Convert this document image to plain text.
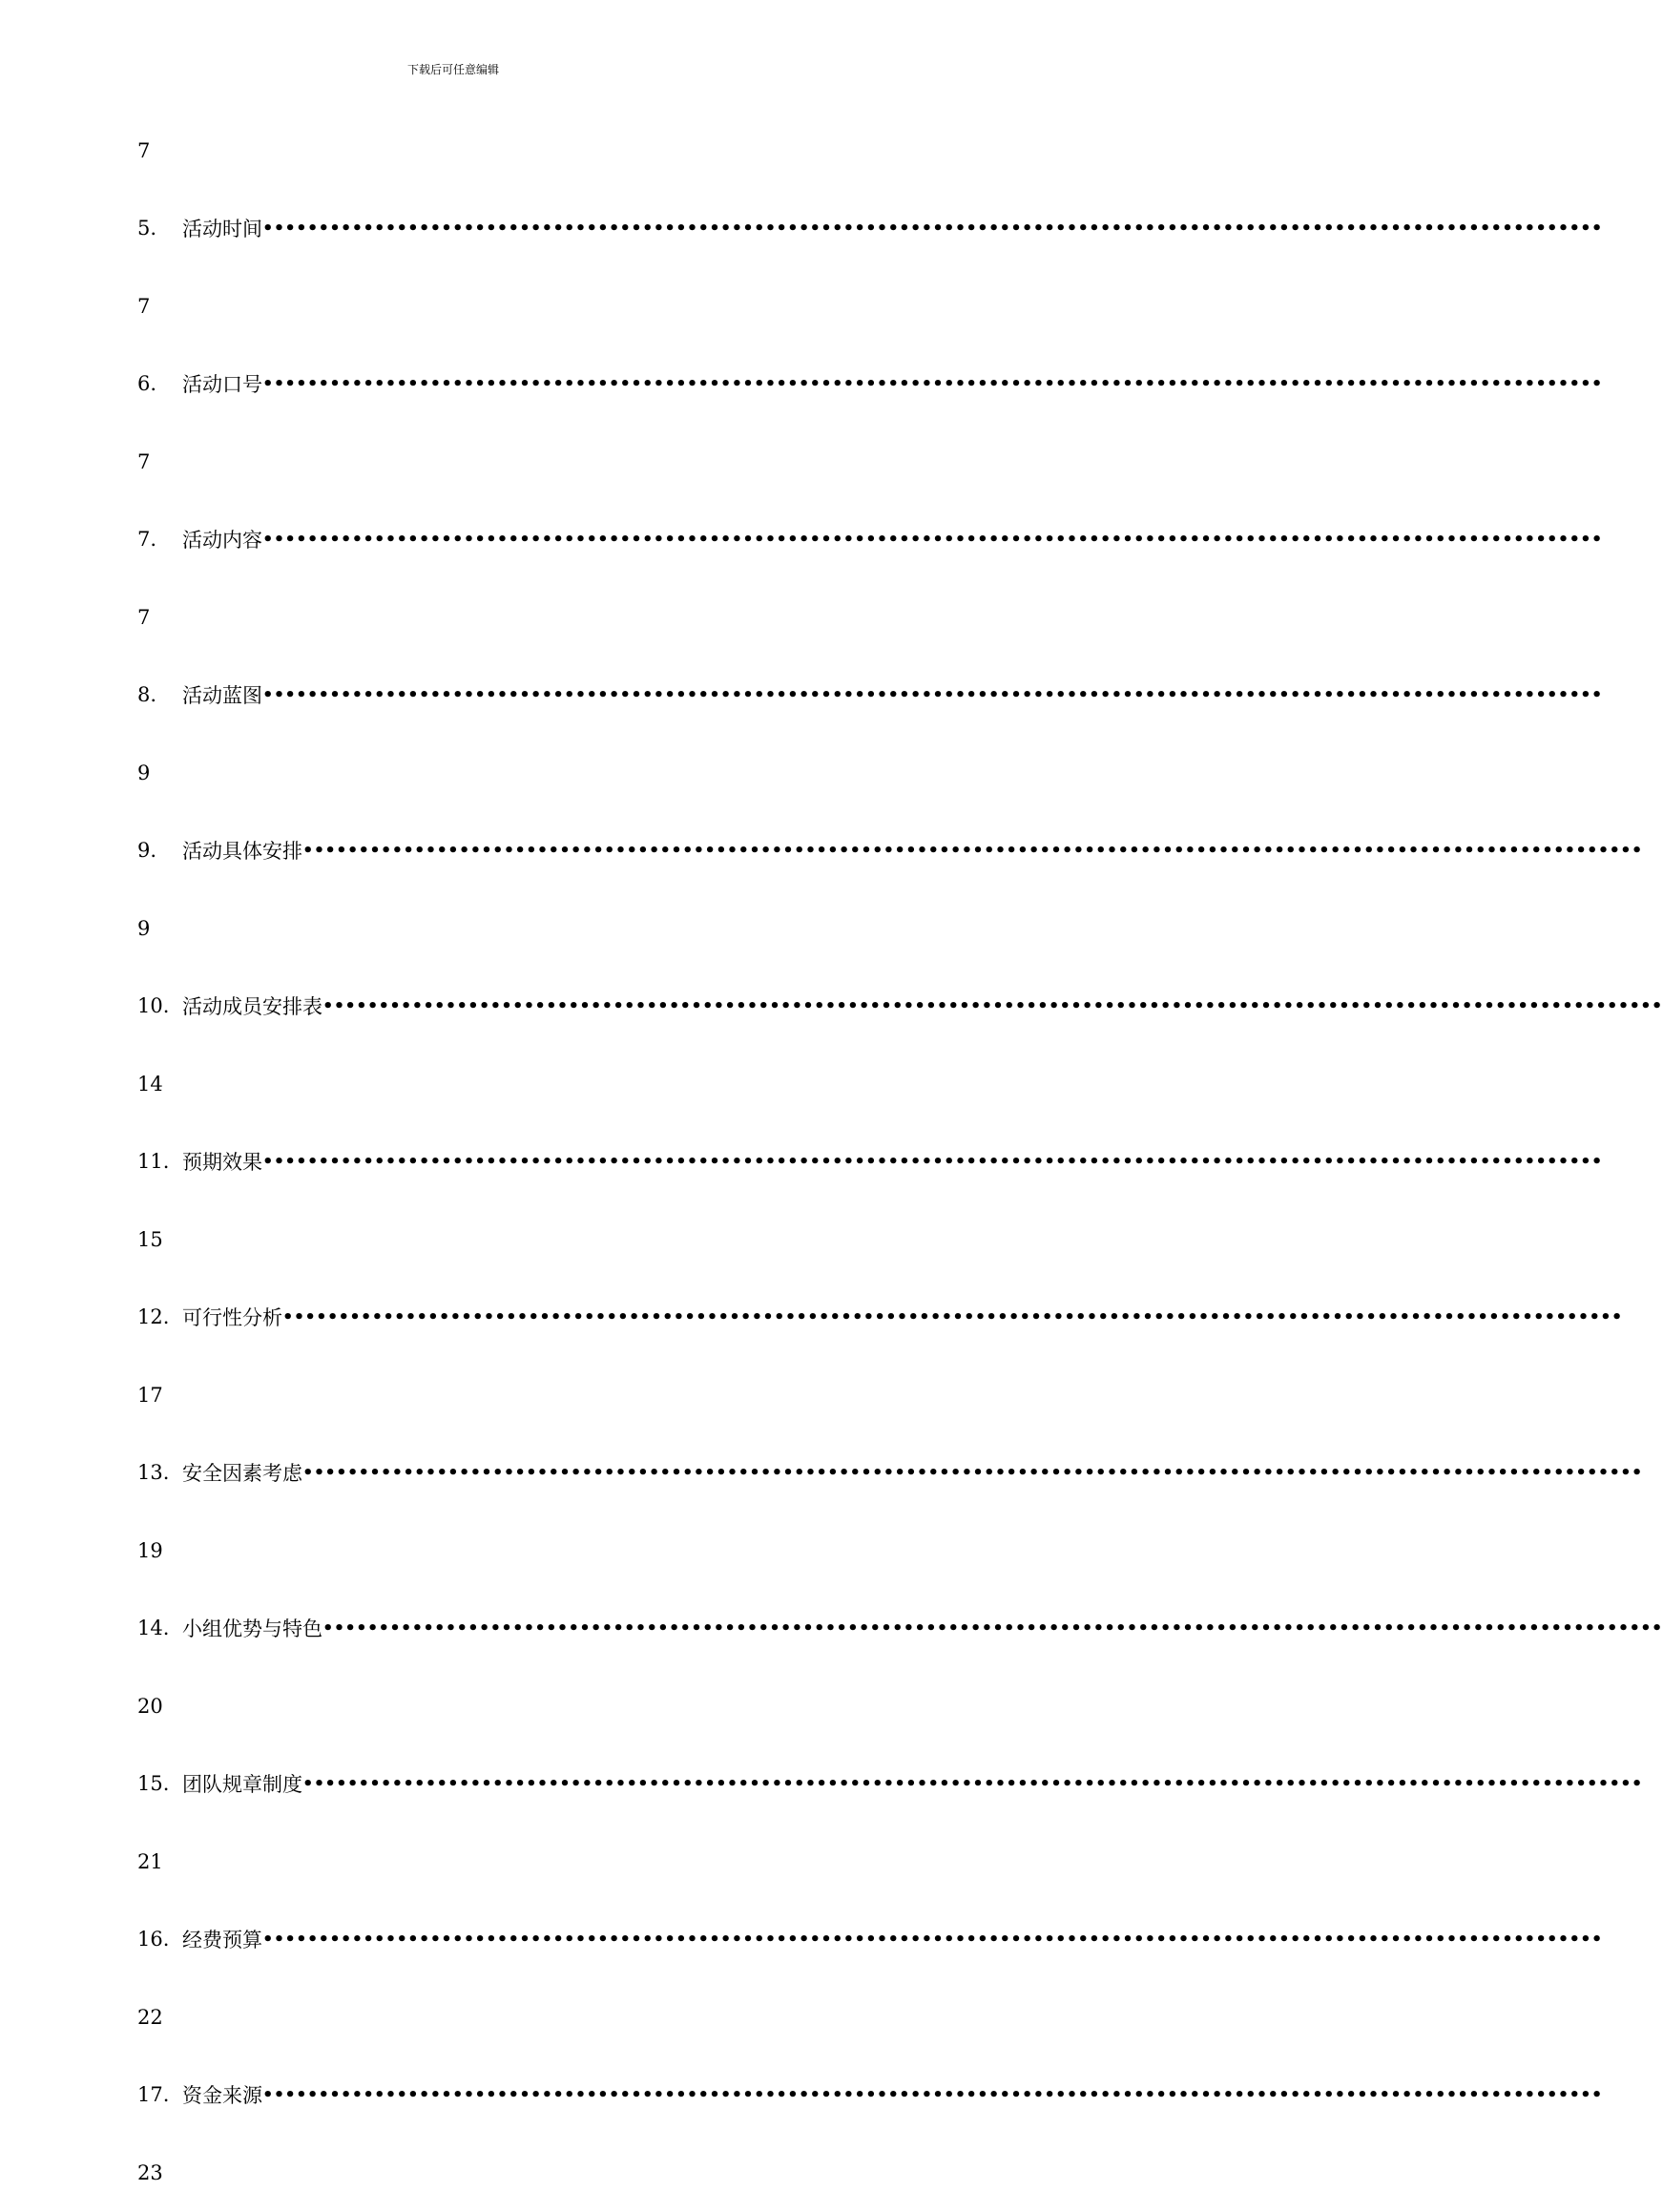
下载后可任意编辑
7
5.	活动时间 ••••••••••••••••••••••••••••••••••••••••••••••••••••••••••••••••••••••••••••••••••••••••••••••••••••••••••••••••••••••••
7
6.	活动口号 ••••••••••••••••••••••••••••••••••••••••••••••••••••••••••••••••••••••••••••••••••••••••••••••••••••••••••••••••••••••••
7
7.	活动内容 ••••••••••••••••••••••••••••••••••••••••••••••••••••••••••••••••••••••••••••••••••••••••••••••••••••••••••••••••••••••••
7
8.	活动蓝图 ••••••••••••••••••••••••••••••••••••••••••••••••••••••••••••••••••••••••••••••••••••••••••••••••••••••••••••••••••••••••
9
9.	活动具体安排 ••••••••••••••••••••••••••••••••••••••••••••••••••••••••••••••••••••••••••••••••••••••••••••••••••••••••••••••••••••••••
9
10. 活动成员安排表 ••••••••••••••••••••••••••••••••••••••••••••••••••••••••••••••••••••••••••••••••••••••••••••••••••••••••••••••••••••••••
14
11. 预期效果 ••••••••••••••••••••••••••••••••••••••••••••••••••••••••••••••••••••••••••••••••••••••••••••••••••••••••••••••••••••••••
15
12. 可行性分析 ••••••••••••••••••••••••••••••••••••••••••••••••••••••••••••••••••••••••••••••••••••••••••••••••••••••••••••••••••••••••
17
13. 安全因素考虑 ••••••••••••••••••••••••••••••••••••••••••••••••••••••••••••••••••••••••••••••••••••••••••••••••••••••••••••••••••••••••
19
14. 小组优势与特色 ••••••••••••••••••••••••••••••••••••••••••••••••••••••••••••••••••••••••••••••••••••••••••••••••••••••••••••••••••••••••
20
15. 团队规章制度 ••••••••••••••••••••••••••••••••••••••••••••••••••••••••••••••••••••••••••••••••••••••••••••••••••••••••••••••••••••••••
21
16. 经费预算 ••••••••••••••••••••••••••••••••••••••••••••••••••••••••••••••••••••••••••••••••••••••••••••••••••••••••••••••••••••••••
22
17. 资金来源 ••••••••••••••••••••••••••••••••••••••••••••••••••••••••••••••••••••••••••••••••••••••••••••••••••••••••••••••••••••••••
23
